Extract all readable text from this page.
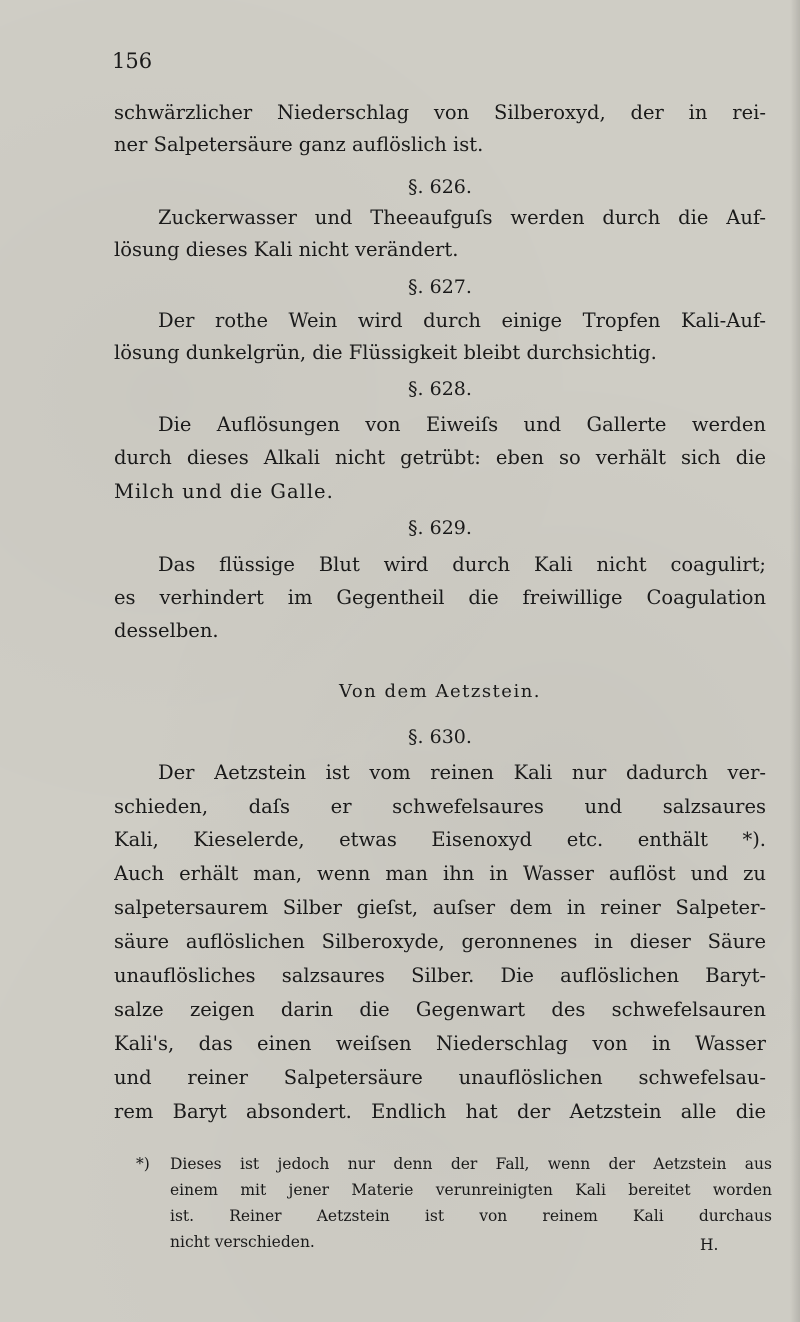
156
schwärzlicher Niederschlag von Silberoxyd, der in rei-
ner Salpetersäure ganz auflöslich ist.
§. 626.
Zuckerwasser und Theeaufguſs werden durch die Auf-
lösung dieses Kali nicht verändert.
§. 627.
Der rothe Wein wird durch einige Tropfen Kali-Auf-
lösung dunkelgrün, die Flüssigkeit bleibt durchsichtig.
§. 628.
Die Auflösungen von Eiweiſs und Gallerte werden
durch dieses Alkali nicht getrübt: eben so verhält sich die
Milch und die Galle.
§. 629.
Das flüssige Blut wird durch Kali nicht coagulirt;
es verhindert im Gegentheil die freiwillige Coagulation
desselben.
Von dem Aetzstein.
§. 630.
Der Aetzstein ist vom reinen Kali nur dadurch ver-
schieden, daſs er schwefelsaures und salzsaures
Kali, Kieselerde, etwas Eisenoxyd etc. enthält *).
Auch erhält man, wenn man ihn in Wasser auflöst und zu
salpetersaurem Silber gieſst, auſser dem in reiner Salpeter-
säure auflöslichen Silberoxyde, geronnenes in dieser Säure
unauflösliches salzsaures Silber. Die auflöslichen Baryt-
salze zeigen darin die Gegenwart des schwefelsauren
Kali's, das einen weiſsen Niederschlag von in Wasser
und reiner Salpetersäure unauflöslichen schwefelsau-
rem Baryt absondert. Endlich hat der Aetzstein alle die
*) Dieses ist jedoch nur denn der Fall, wenn der Aetzstein aus
einem mit jener Materie verunreinigten Kali bereitet worden
ist. Reiner Aetzstein ist von reinem Kali durchaus
nicht verschieden.	H.
